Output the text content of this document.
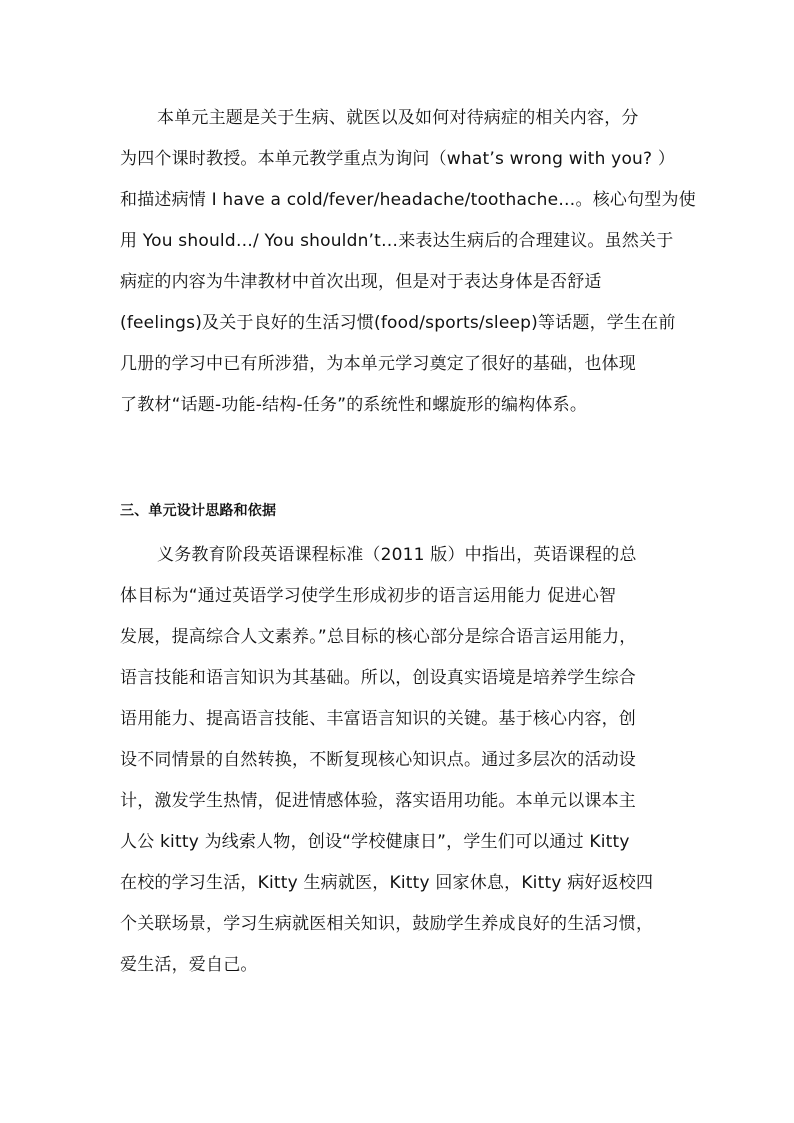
本单元主题是关于生病、就医以及如何对待病症的相关内容，分
为四个课时教授。本单元教学重点为询问（what’s wrong with you? ）
和描述病情 I have a cold/fever/headache/toothache…。核心句型为使
用 You should…/ You shouldn’t…来表达生病后的合理建议。虽然关于
病症的内容为牛津教材中首次出现，但是对于表达身体是否舒适
(feelings)及关于良好的生活习惯(food/sports/sleep)等话题，学生在前
几册的学习中已有所涉猎，为本单元学习奠定了很好的基础，也体现
了教材“话题-功能-结构-任务”的系统性和螺旋形的编构体系。
三、单元设计思路和依据
义务教育阶段英语课程标准（2011 版）中指出，英语课程的总
体目标为“通过英语学习使学生形成初步的语言运用能力 促进心智
发展，提高综合人文素养。”总目标的核心部分是综合语言运用能力，
语言技能和语言知识为其基础。所以，创设真实语境是培养学生综合
语用能力、提高语言技能、丰富语言知识的关键。基于核心内容，创
设不同情景的自然转换，不断复现核心知识点。通过多层次的活动设
计，激发学生热情，促进情感体验，落实语用功能。本单元以课本主
人公 kitty 为线索人物，创设“学校健康日”，学生们可以通过 Kitty
在校的学习生活，Kitty 生病就医，Kitty 回家休息，Kitty 病好返校四
个关联场景，学习生病就医相关知识，鼓励学生养成良好的生活习惯，
爱生活，爱自己。
